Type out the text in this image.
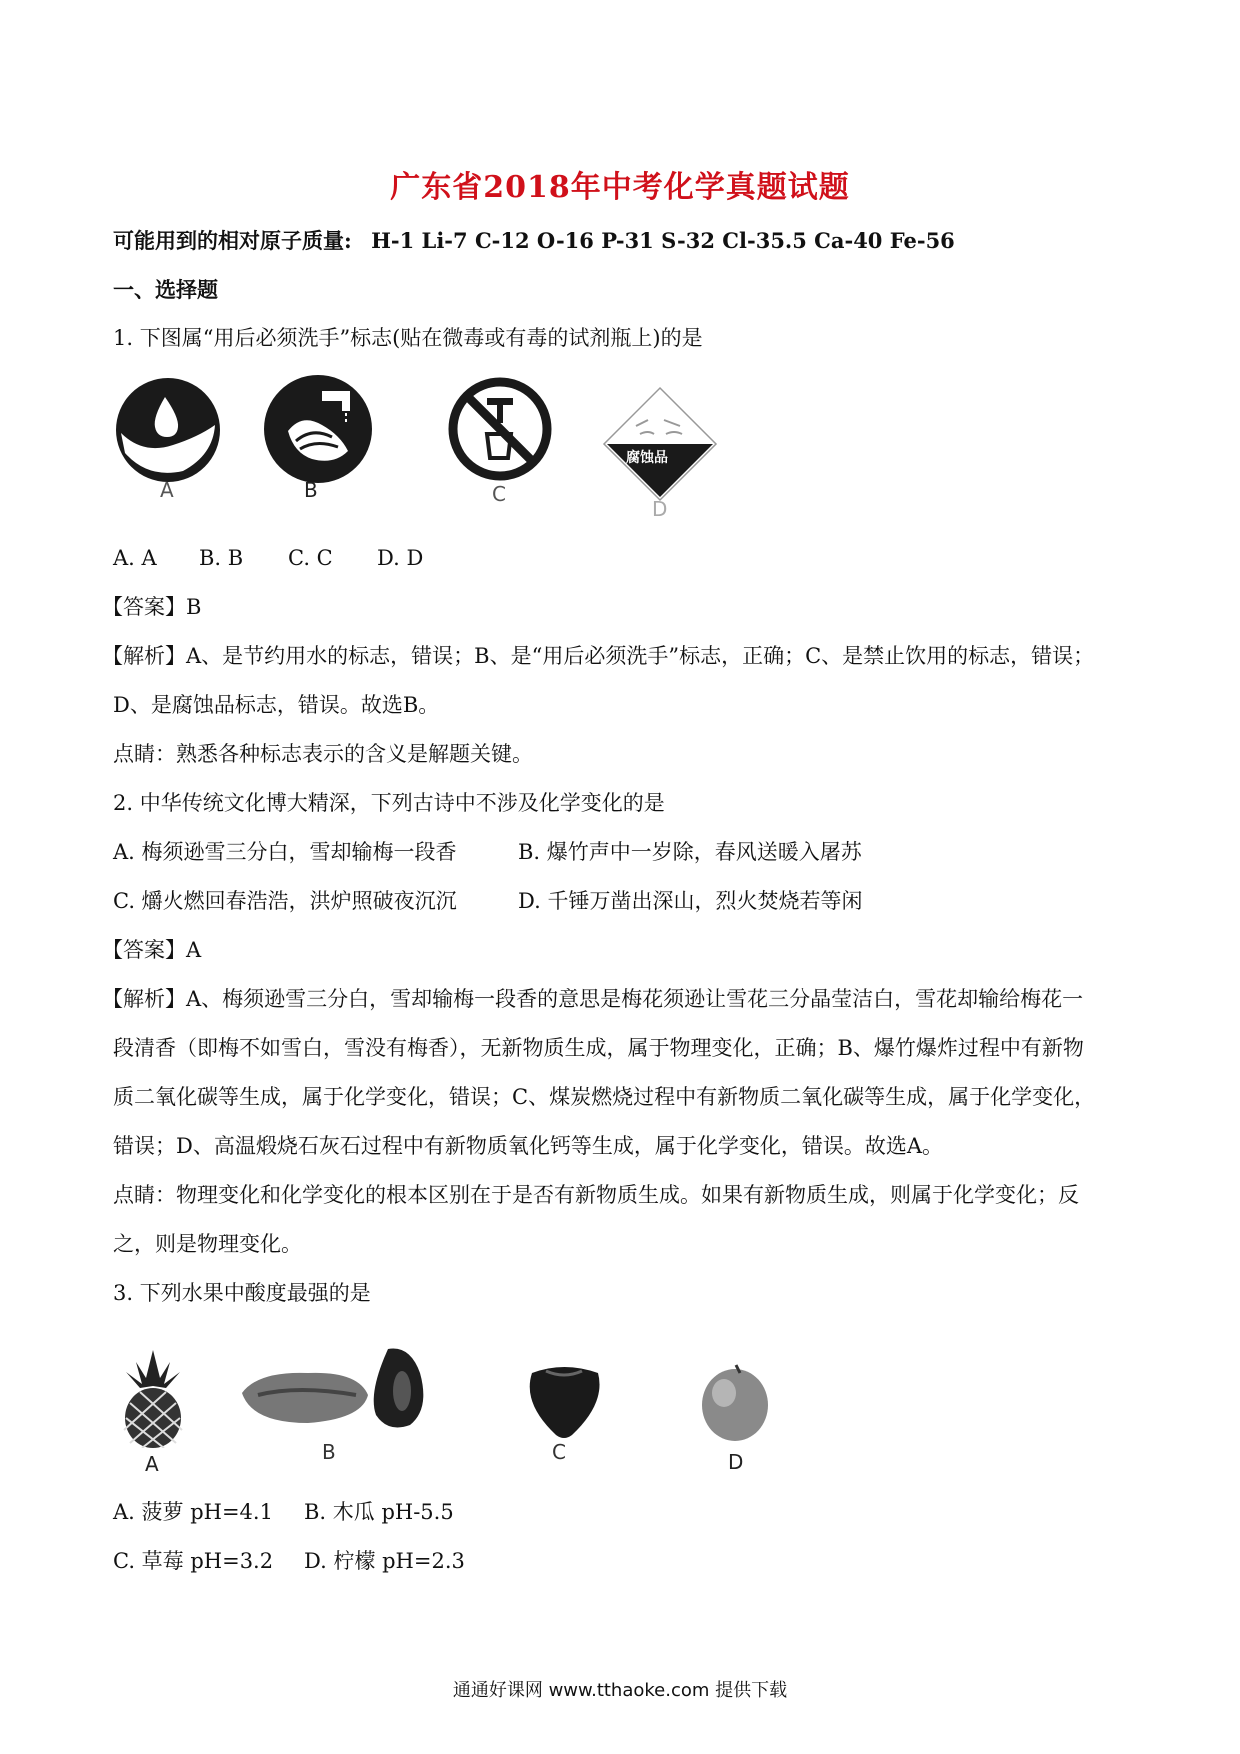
广东省2018年中考化学真题试题
可能用到的相对原子质量: H-1 Li-7 C-12 O-16 P-31 S-32 Cl-35.5 Ca-40 Fe-56
一、选择题
1. 下图属“用后必须洗手”标志(贴在微毒或有毒的试剂瓶上)的是
A	B	C
腐蚀品
D
A. A B. B C. C D. D
【答案】B
【解析】A、是节约用水的标志，错误；B、是“用后必须洗手”标志，正确；C、是禁止饮用的标志，错误；
D、是腐蚀品标志，错误。故选B。
点睛：熟悉各种标志表示的含义是解题关键。
2. 中华传统文化博大精深，下列古诗中不涉及化学变化的是
A. 梅须逊雪三分白，雪却输梅一段香	B. 爆竹声中一岁除，春风送暖入屠苏
C. 爝火燃回春浩浩，洪炉照破夜沉沉	D. 千锤万凿出深山，烈火焚烧若等闲
【答案】A
【解析】A、梅须逊雪三分白，雪却输梅一段香的意思是梅花须逊让雪花三分晶莹洁白，雪花却输给梅花一
段清香（即梅不如雪白，雪没有梅香），无新物质生成，属于物理变化，正确；B、爆竹爆炸过程中有新物
质二氧化碳等生成，属于化学变化，错误；C、煤炭燃烧过程中有新物质二氧化碳等生成，属于化学变化，
错误；D、高温煅烧石灰石过程中有新物质氧化钙等生成，属于化学变化，错误。故选A。
点睛：物理变化和化学变化的根本区别在于是否有新物质生成。如果有新物质生成，则属于化学变化；反
之，则是物理变化。
3. 下列水果中酸度最强的是
A	B	C	D
A. 菠萝 pH=4.1 B. 木瓜 pH-5.5
C. 草莓 pH=3.2 D. 柠檬 pH=2.3
通通好课网 www.tthaoke.com 提供下载
